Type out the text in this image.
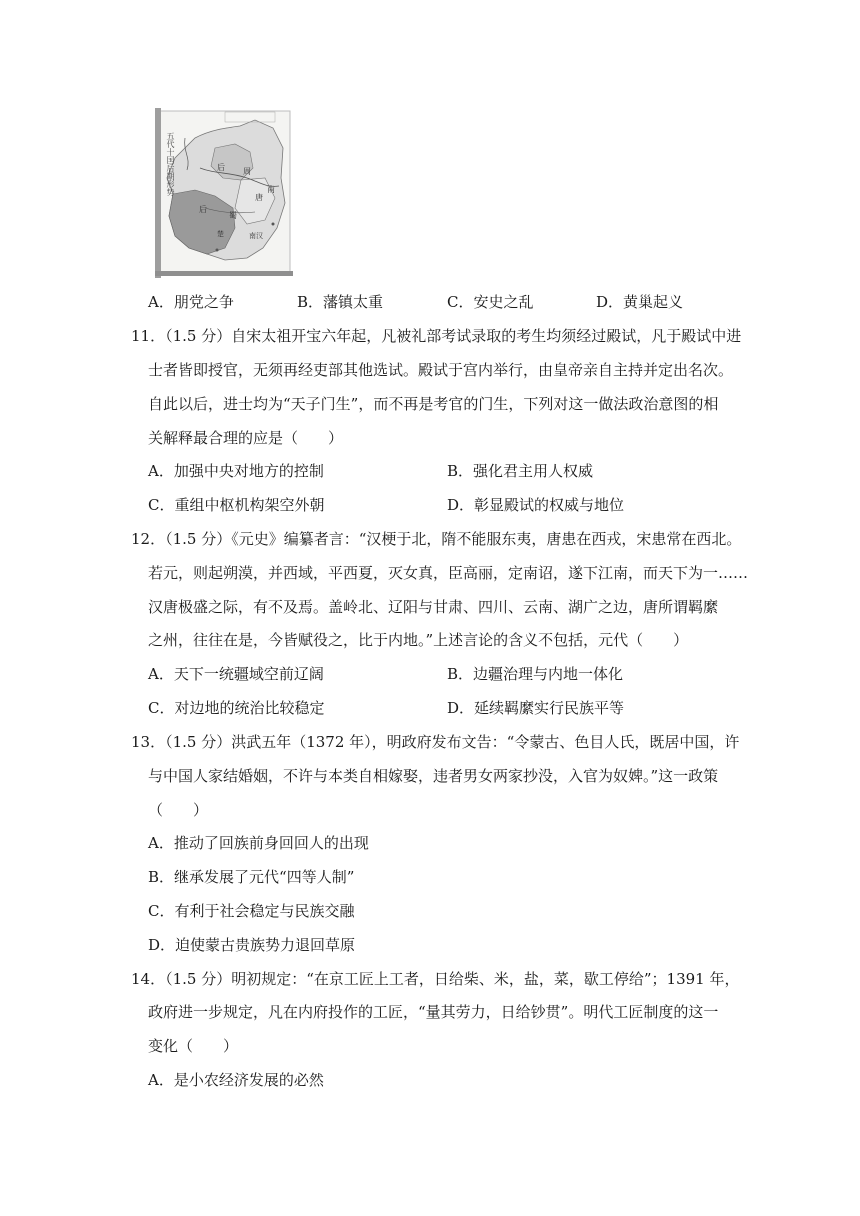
后 周
后
蜀
唐
南
楚	南汉
五代十国后期形势
A．朋党之争	B．藩镇太重	C．安史之乱	D．黄巢起义
11．（1.5 分）自宋太祖开宝六年起，凡被礼部考试录取的考生均须经过殿试，凡于殿试中进
士者皆即授官，无须再经吏部其他选试。殿试于宫内举行，由皇帝亲自主持并定出名次。
自此以后，进士均为“天子门生”，而不再是考官的门生，下列对这一做法政治意图的相
关解释最合理的应是（　　）
A．加强中央对地方的控制	B．强化君主用人权威
C．重组中枢机构架空外朝	D．彰显殿试的权威与地位
12．（1.5 分）《元史》编纂者言：“汉梗于北，隋不能服东夷，唐患在西戎，宋患常在西北。
若元，则起朔漠，并西域，平西夏，灭女真，臣高丽，定南诏，遂下江南，而天下为一……
汉唐极盛之际，有不及焉。盖岭北、辽阳与甘肃、四川、云南、湖广之边，唐所谓羁縻
之州，往往在是，今皆赋役之，比于内地。”上述言论的含义不包括，元代（　　）
A．天下一统疆域空前辽阔	B．边疆治理与内地一体化
C．对边地的统治比较稳定	D．延续羁縻实行民族平等
13．（1.5 分）洪武五年（1372 年），明政府发布文告：“令蒙古、色目人氏，既居中国，许
与中国人家结婚姻，不许与本类自相嫁娶，违者男女两家抄没，入官为奴婢。”这一政策
（　　）
A．推动了回族前身回回人的出现
B．继承发展了元代“四等人制”
C．有利于社会稳定与民族交融
D．迫使蒙古贵族势力退回草原
14．（1.5 分）明初规定：“在京工匠上工者，日给柴、米，盐，菜，歇工停给”；1391 年，
政府进一步规定，凡在内府投作的工匠，“量其劳力，日给钞贯”。明代工匠制度的这一
变化（　　）
A．是小农经济发展的必然
